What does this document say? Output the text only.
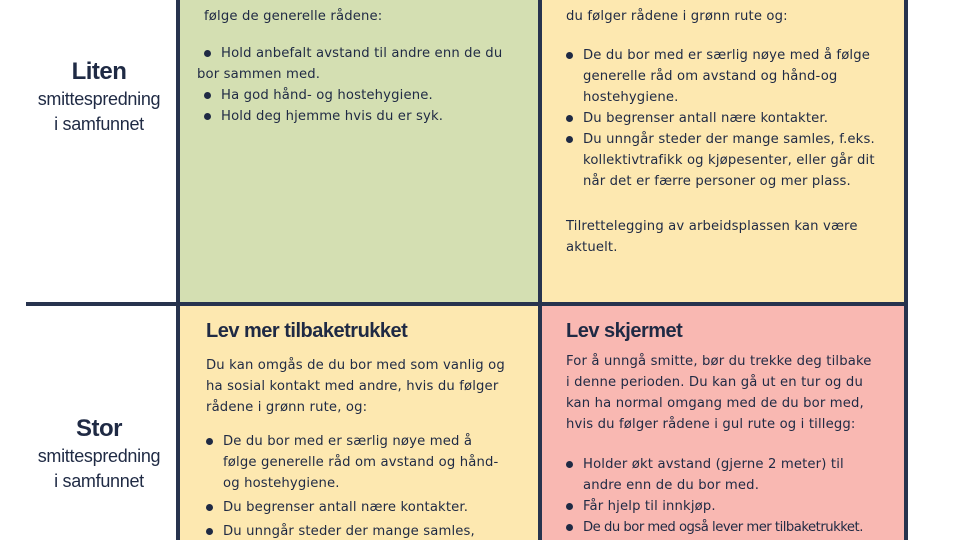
Liten
smittespredning
i samfunnet
Stor
smittespredning
i samfunnet
følge de generelle rådene:
Hold anbefalt avstand til andre enn de du
bor sammen med.
Ha god hånd- og hostehygiene.
Hold deg hjemme hvis du er syk.
du følger rådene i grønn rute og:
De du bor med er særlig nøye med å følge
generelle råd om avstand og hånd-og
hostehygiene.
Du begrenser antall nære kontakter.
Du unngår steder der mange samles, f.eks.
kollektivtrafikk og kjøpesenter, eller går dit
når det er færre personer og mer plass.
Tilrettelegging av arbeidsplassen kan være
aktuelt.
Lev mer tilbaketrukket
Du kan omgås de du bor med som vanlig og
ha sosial kontakt med andre, hvis du følger
rådene i grønn rute, og:
De du bor med er særlig nøye med å
følge generelle råd om avstand og hånd-
og hostehygiene.
Du begrenser antall nære kontakter.
Du unngår steder der mange samles,
Lev skjermet
For å unngå smitte, bør du trekke deg tilbake
i denne perioden. Du kan gå ut en tur og du
kan ha normal omgang med de du bor med,
hvis du følger rådene i gul rute og i tillegg:
Holder økt avstand (gjerne 2 meter) til
andre enn de du bor med.
Får hjelp til innkjøp.
De du bor med også lever mer tilbaketrukket.
